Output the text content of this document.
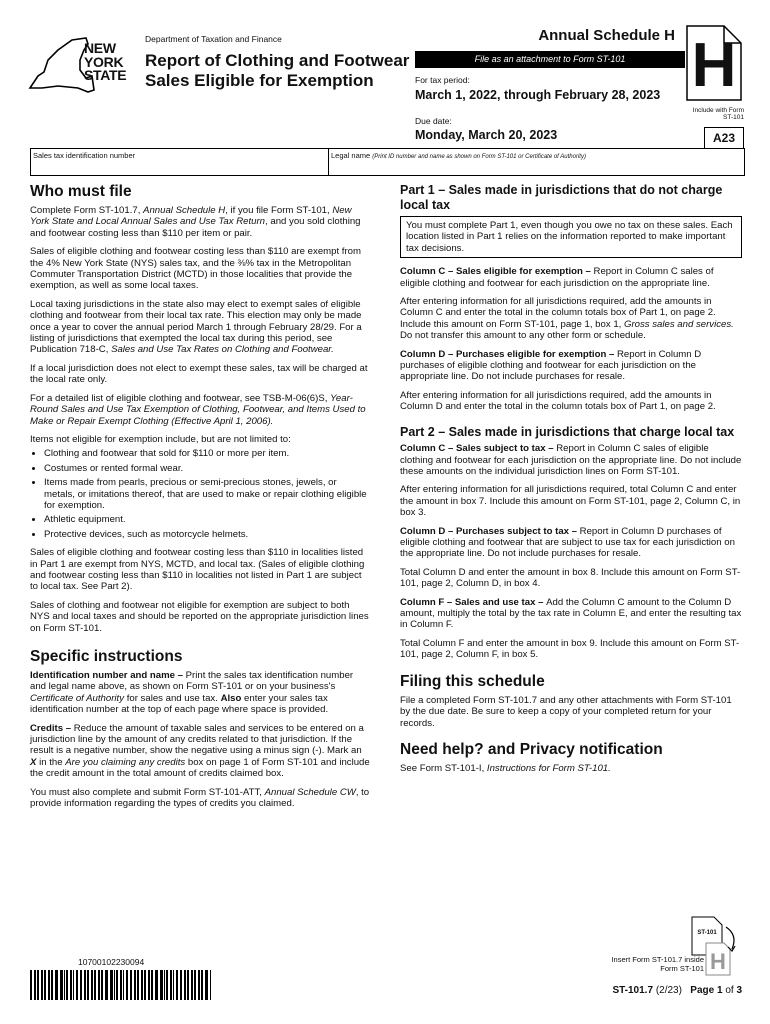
NEW
YORK
STATE
Department of Taxation and Finance
Report of Clothing and Footwear
Sales Eligible for Exemption
Annual Schedule H
File as an attachment to Form ST-101
For tax period:
March 1, 2022, through February 28, 2023
Due date:
Monday, March 20, 2023
H
Include with Form ST-101
A23
Sales tax identification number	Legal name (Print ID number and name as shown on Form ST-101 or Certificate of Authority)
Who must file

Complete Form ST-101.7, Annual Schedule H, if you file Form ST-101, New York State and Local Annual Sales and Use Tax Return, and you sold clothing and footwear costing less than $110 per item or pair.

Sales of eligible clothing and footwear costing less than $110 are exempt from the 4% New York State (NYS) sales tax, and the ⅜% tax in the Metropolitan Commuter Transportation District (MCTD) in those localities that provide the exemption, as well as some local taxes.

Local taxing jurisdictions in the state also may elect to exempt sales of eligible clothing and footwear from their local tax rate. This election may only be made once a year to cover the annual period March 1 through February 28/29. For a listing of jurisdictions that exempted the local tax during this period, see Publication 718-C, Sales and Use Tax Rates on Clothing and Footwear.

If a local jurisdiction does not elect to exempt these sales, tax will be charged at the local rate only.

For a detailed list of eligible clothing and footwear, see TSB-M-06(6)S, Year-Round Sales and Use Tax Exemption of Clothing, Footwear, and Items Used to Make or Repair Exempt Clothing (Effective April 1, 2006).

Items not eligible for exemption include, but are not limited to:

• Clothing and footwear that sold for $110 or more per item.
• Costumes or rented formal wear.
• Items made from pearls, precious or semi-precious stones, jewels, or metals, or imitations thereof, that are used to make or repair clothing eligible for exemption.
• Athletic equipment.
• Protective devices, such as motorcycle helmets.

Sales of eligible clothing and footwear costing less than $110 in localities listed in Part 1 are exempt from NYS, MCTD, and local tax. (Sales of eligible clothing and footwear costing less than $110 in localities not listed in Part 1 are subject to local tax. See Part 2).

Sales of clothing and footwear not eligible for exemption are subject to both NYS and local taxes and should be reported on the appropriate jurisdiction lines on Form ST-101.

Specific instructions

Identification number and name – Print the sales tax identification number and legal name above, as shown on Form ST-101 or on your business's Certificate of Authority for sales and use tax. Also enter your sales tax identification number at the top of each page where space is provided.

Credits – Reduce the amount of taxable sales and services to be entered on a jurisdiction line by the amount of any credits related to that jurisdiction. If the result is a negative number, show the negative using a minus sign (-). Mark an X in the Are you claiming any credits box on page 1 of Form ST-101 and include the credit amount in the total amount of credits claimed box.

You must also complete and submit Form ST-101-ATT, Annual Schedule CW, to provide information regarding the types of credits you claimed.

Part 1 – Sales made in jurisdictions that do not charge local tax
You must complete Part 1, even though you owe no tax on these sales. Each location listed in Part 1 relies on the information reported to make important tax decisions.

Column C – Sales eligible for exemption – Report in Column C sales of eligible clothing and footwear for each jurisdiction on the appropriate line.

After entering information for all jurisdictions required, add the amounts in Column C and enter the total in the column totals box of Part 1, on page 2. Include this amount on Form ST-101, page 1, box 1, Gross sales and services. Do not transfer this amount to any other form or schedule.

Column D – Purchases eligible for exemption – Report in Column D purchases of eligible clothing and footwear for each jurisdiction on the appropriate line. Do not include purchases for resale.

After entering information for all jurisdictions required, add the amounts in Column D and enter the total in the column totals box of Part 1, on page 2.

Part 2 – Sales made in jurisdictions that charge local tax

Column C – Sales subject to tax – Report in Column C sales of eligible clothing and footwear for each jurisdiction on the appropriate line. Do not include these amounts on the individual jurisdiction lines on Form ST-101.

After entering information for all jurisdictions required, total Column C and enter the amount in box 7. Include this amount on Form ST-101, page 2, Column C, in box 3.

Column D – Purchases subject to tax – Report in Column D purchases of eligible clothing and footwear that are subject to use tax for each jurisdiction on the appropriate line. Do not include purchases for resale.

Total Column D and enter the amount in box 8. Include this amount on Form ST-101, page 2, Column D, in box 4.

Column F – Sales and use tax – Add the Column C amount to the Column D amount, multiply the total by the tax rate in Column E, and enter the resulting tax in Column F.

Total Column F and enter the amount in box 9. Include this amount on Form ST-101, page 2, Column F, in box 5.

Filing this schedule

File a completed Form ST-101.7 and any other attachments with Form ST-101 by the due date. Be sure to keep a copy of your completed return for your records.

Need help? and Privacy notification

See Form ST-101-I, Instructions for Form ST-101.

10700102230094
ST-101
H
Insert Form ST-101.7 inside Form ST-101
ST-101.7 (2/23) Page 1 of 3
